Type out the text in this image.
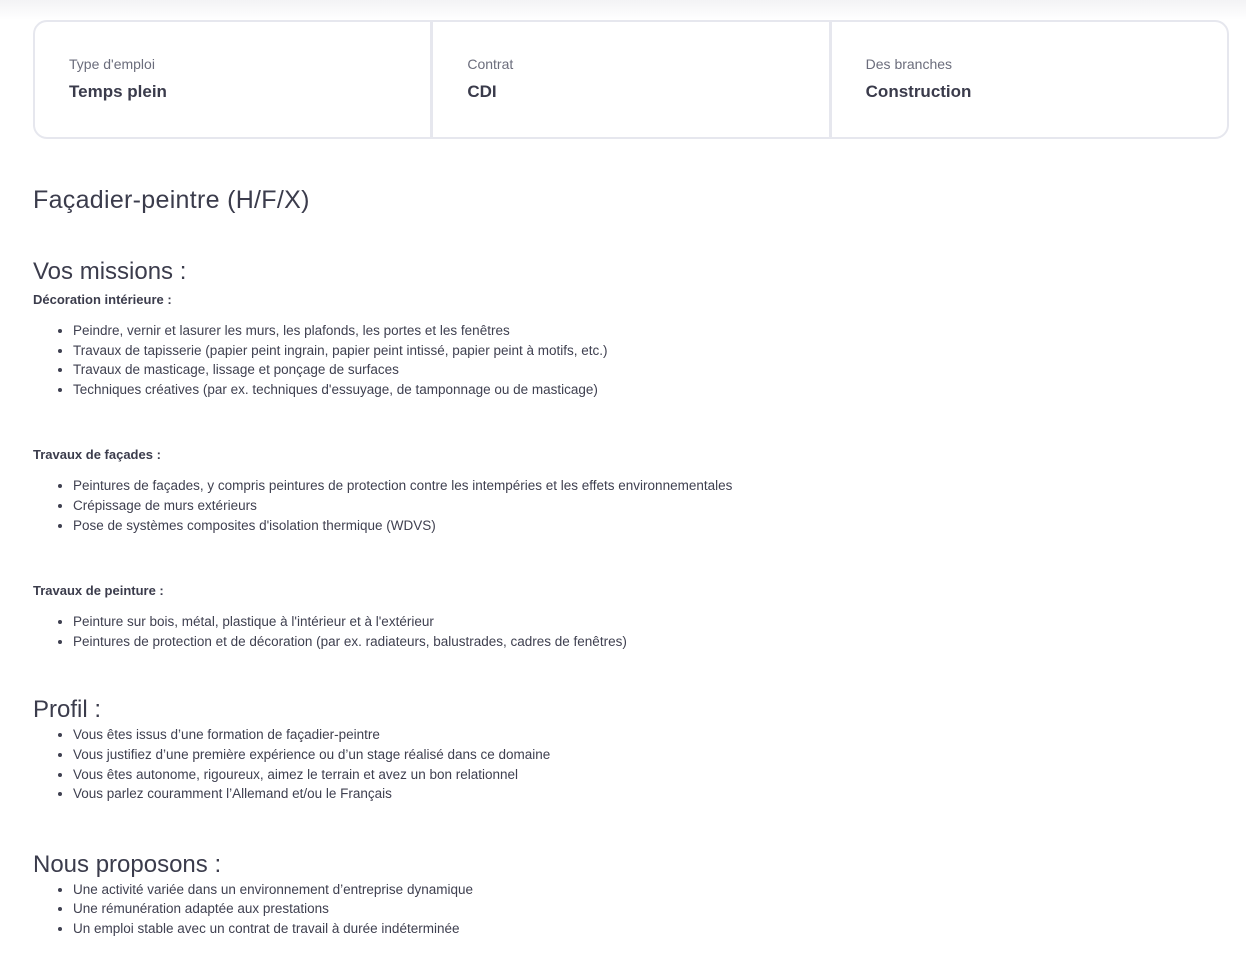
Type d'emploi
Temps plein
Contrat
CDI
Des branches
Construction
Façadier-peintre (H/F/X)
Vos missions :

Décoration intérieure :

• Peindre, vernir et lasurer les murs, les plafonds, les portes et les fenêtres
• Travaux de tapisserie (papier peint ingrain, papier peint intissé, papier peint à motifs, etc.)
• Travaux de masticage, lissage et ponçage de surfaces
• Techniques créatives (par ex. techniques d'essuyage, de tamponnage ou de masticage)

Travaux de façades :

• Peintures de façades, y compris peintures de protection contre les intempéries et les effets environnementales
• Crépissage de murs extérieurs
• Pose de systèmes composites d'isolation thermique (WDVS)

Travaux de peinture :

• Peinture sur bois, métal, plastique à l'intérieur et à l'extérieur
• Peintures de protection et de décoration (par ex. radiateurs, balustrades, cadres de fenêtres)
Profil :
• Vous êtes issus d’une formation de façadier-peintre
• Vous justifiez d’une première expérience ou d’un stage réalisé dans ce domaine
• Vous êtes autonome, rigoureux, aimez le terrain et avez un bon relationnel
• Vous parlez couramment l’Allemand et/ou le Français
Nous proposons :
• Une activité variée dans un environnement d’entreprise dynamique
• Une rémunération adaptée aux prestations
• Un emploi stable avec un contrat de travail à durée indéterminée
